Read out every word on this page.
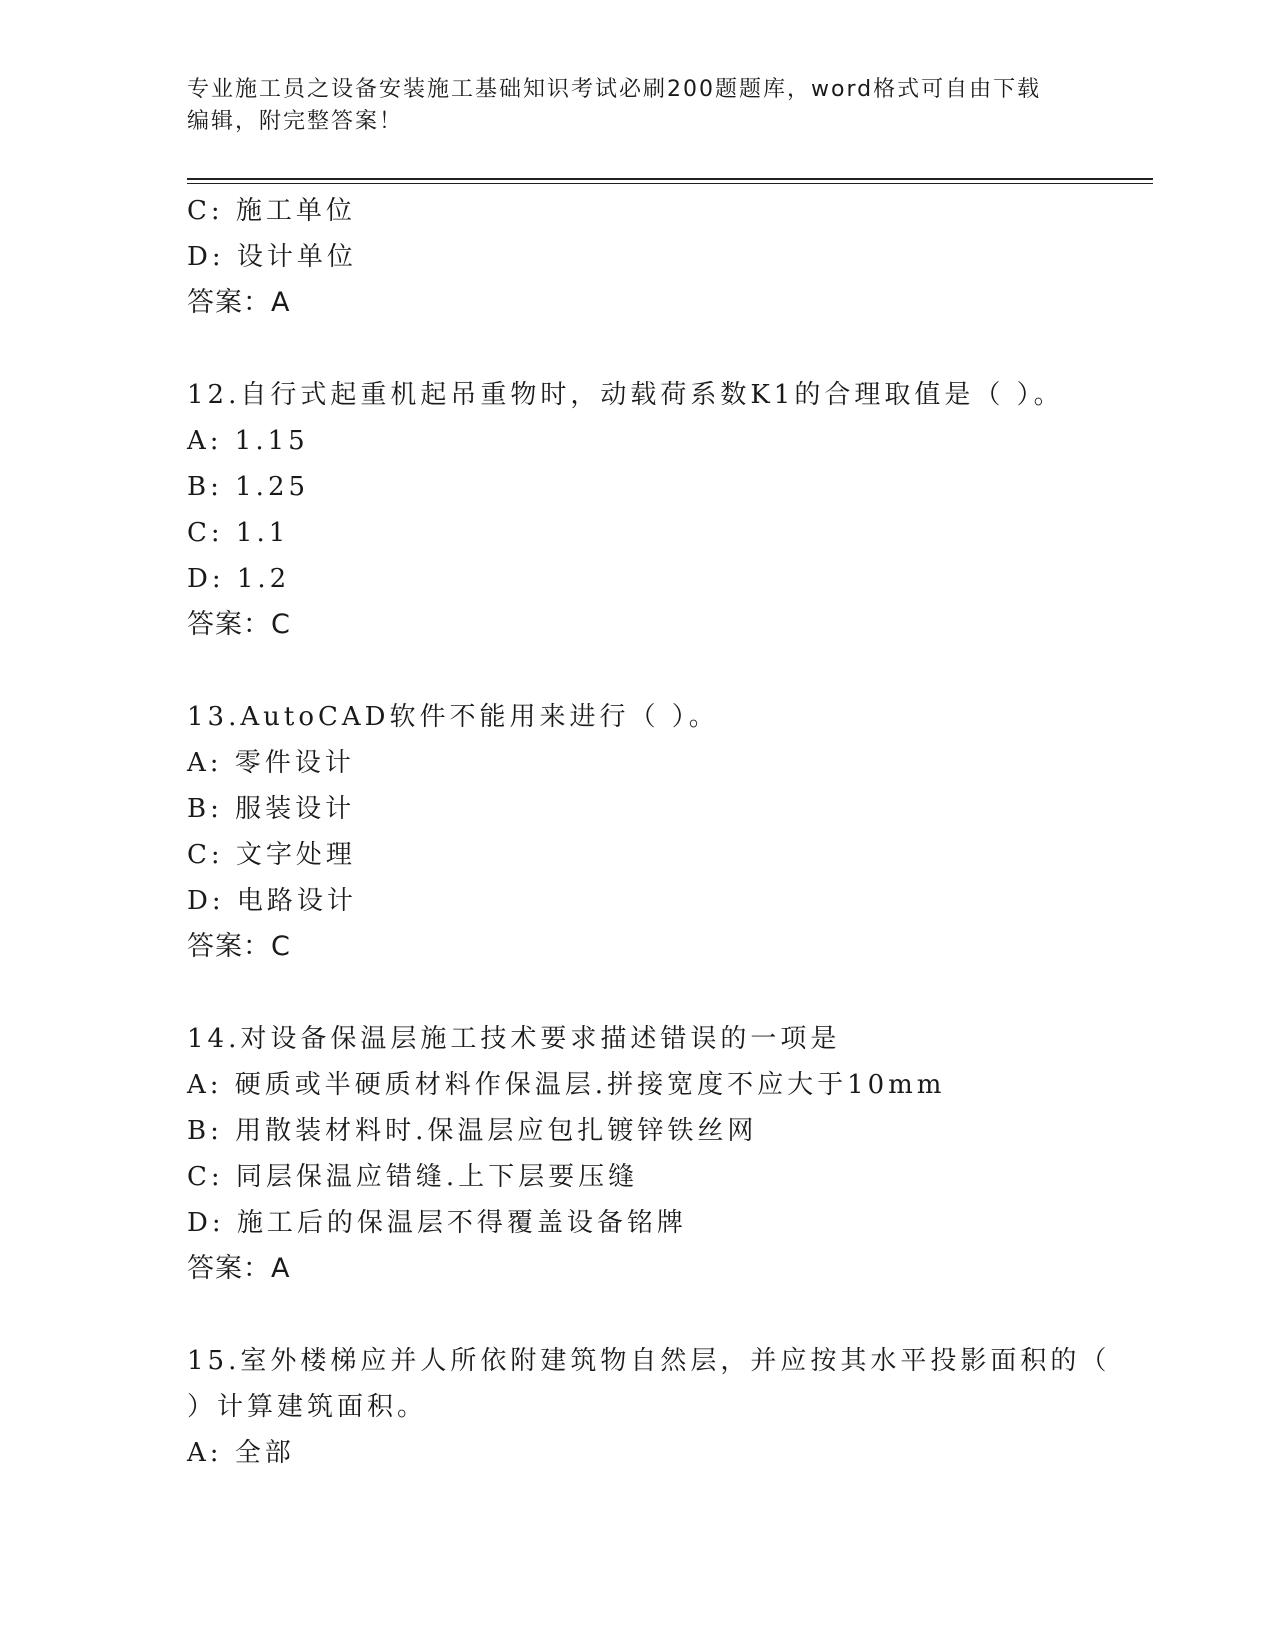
专业施工员之设备安装施工基础知识考试必刷200题题库，word格式可自由下载
编辑，附完整答案！
C: 施工单位
D: 设计单位
答案：A
12.自行式起重机起吊重物时，动载荷系数K1的合理取值是（ ）。
A: 1.15
B: 1.25
C: 1.1
D: 1.2
答案：C
13.AutoCAD软件不能用来进行（ ）。
A: 零件设计
B: 服装设计
C: 文字处理
D: 电路设计
答案：C
14.对设备保温层施工技术要求描述错误的一项是
A: 硬质或半硬质材料作保温层.拼接宽度不应大于10mm
B: 用散装材料时.保温层应包扎镀锌铁丝网
C: 同层保温应错缝.上下层要压缝
D: 施工后的保温层不得覆盖设备铭牌
答案：A
15.室外楼梯应并人所依附建筑物自然层，并应按其水平投影面积的（
）计算建筑面积。
A: 全部
